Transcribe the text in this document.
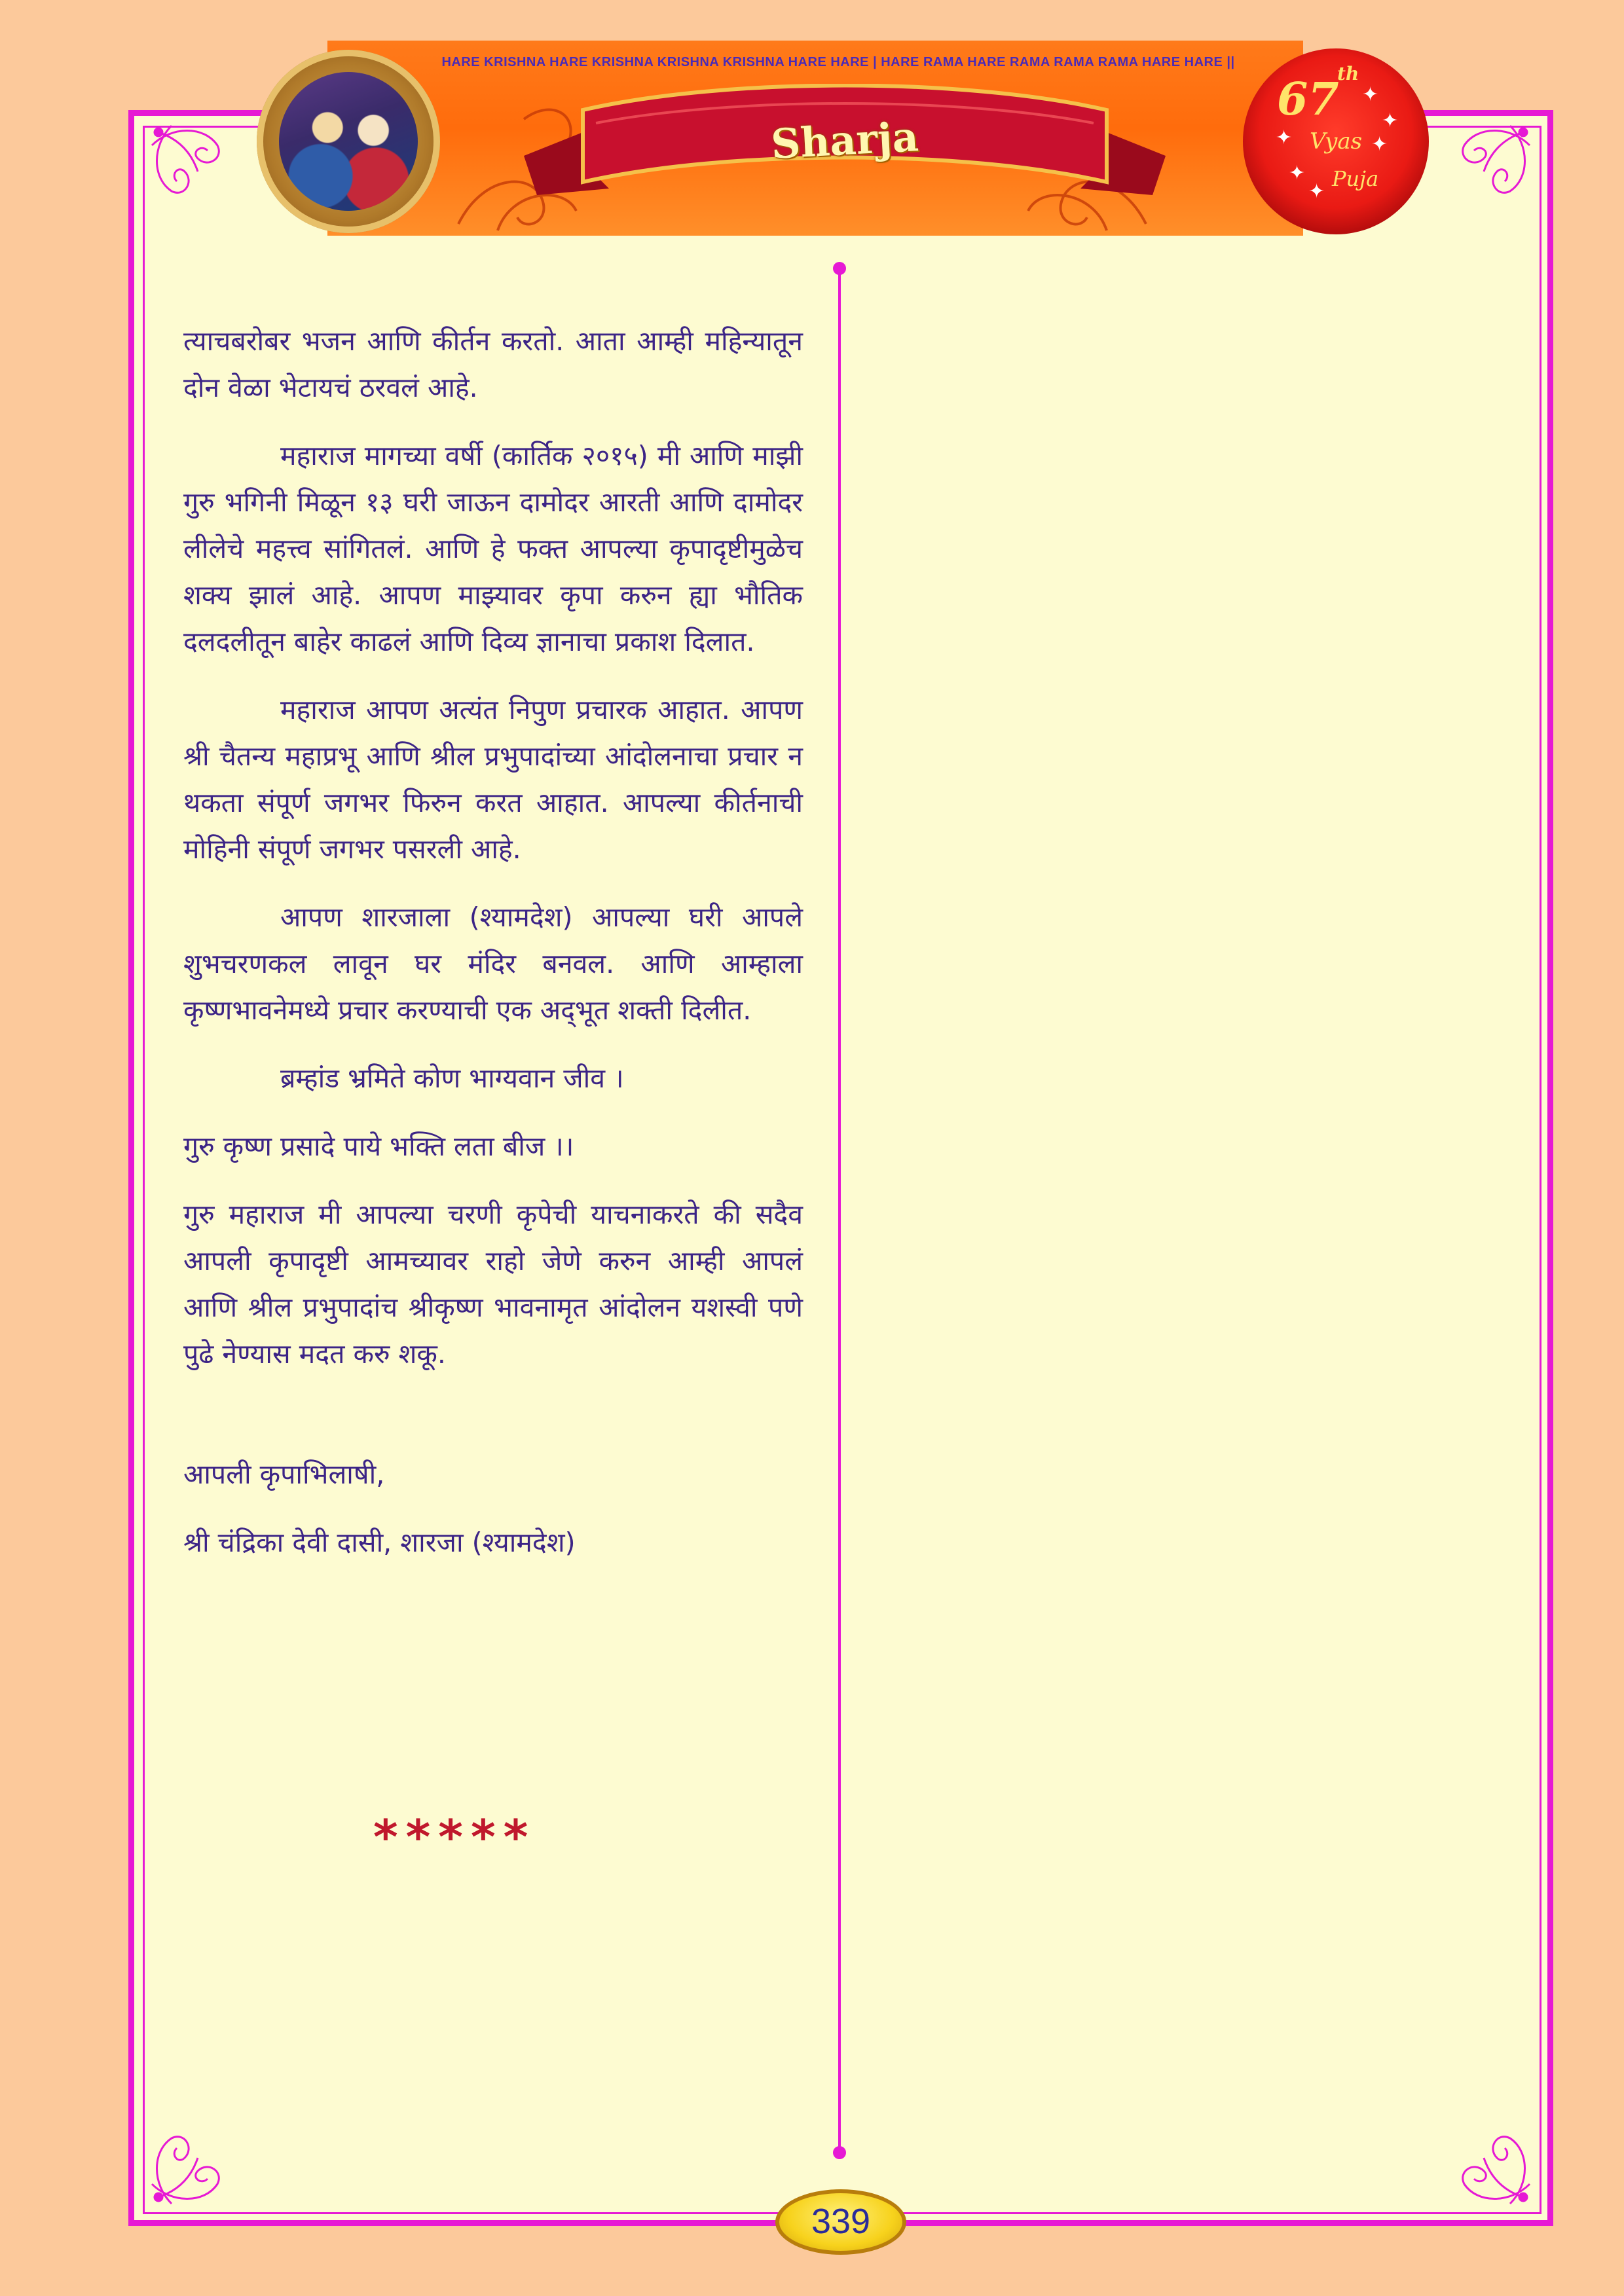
HARE KRISHNA HARE KRISHNA KRISHNA KRISHNA HARE HARE | HARE RAMA HARE RAMA RAMA RAMA HARE HARE ||
Sharja
67
th
Vyas
Puja
✦
✦
✦	✦
✦
✦

त्याचबरोबर भजन आणि कीर्तन करतो. आता आम्ही महिन्यातून दोन वेळा भेटायचं ठरवलं आहे.

महाराज मागच्या वर्षी (कार्तिक २०१५) मी आणि माझी गुरु भगिनी मिळून १३ घरी जाऊन दामोदर आरती आणि दामोदर लीलेचे महत्त्व सांगितलं. आणि हे फक्त आपल्या कृपादृष्टीमुळेच शक्य झालं आहे. आपण माझ्यावर कृपा करुन ह्या भौतिक दलदलीतून बाहेर काढलं आणि दिव्य ज्ञानाचा प्रकाश दिलात.

महाराज आपण अत्यंत निपुण प्रचारक आहात. आपण श्री चैतन्य महाप्रभू आणि श्रील प्रभुपादांच्या आंदोलनाचा प्रचार न थकता संपूर्ण जगभर फिरुन करत आहात. आपल्या कीर्तनाची मोहिनी संपूर्ण जगभर पसरली आहे.

आपण शारजाला (श्यामदेश) आपल्या घरी आपले शुभचरणकल लावून घर मंदिर बनवल. आणि आम्हाला कृष्णभावनेमध्ये प्रचार करण्याची एक अद्‌भूत शक्ती दिलीत.

ब्रम्हांड भ्रमिते कोण भाग्यवान जीव ।

गुरु कृष्ण प्रसादे पाये भक्ति लता बीज ।।

गुरु महाराज मी आपल्या चरणी कृपेची याचनाकरते की सदैव आपली कृपादृष्टी आमच्यावर राहो जेणे करुन आम्ही आपलं आणि श्रील प्रभुपादांच श्रीकृष्ण भावनामृत आंदोलन यशस्वी पणे पुढे नेण्यास मदत करु शकू.

आपली कृपाभिलाषी,

श्री चंद्रिका देवी दासी, शारजा (श्यामदेश)

*****
339
